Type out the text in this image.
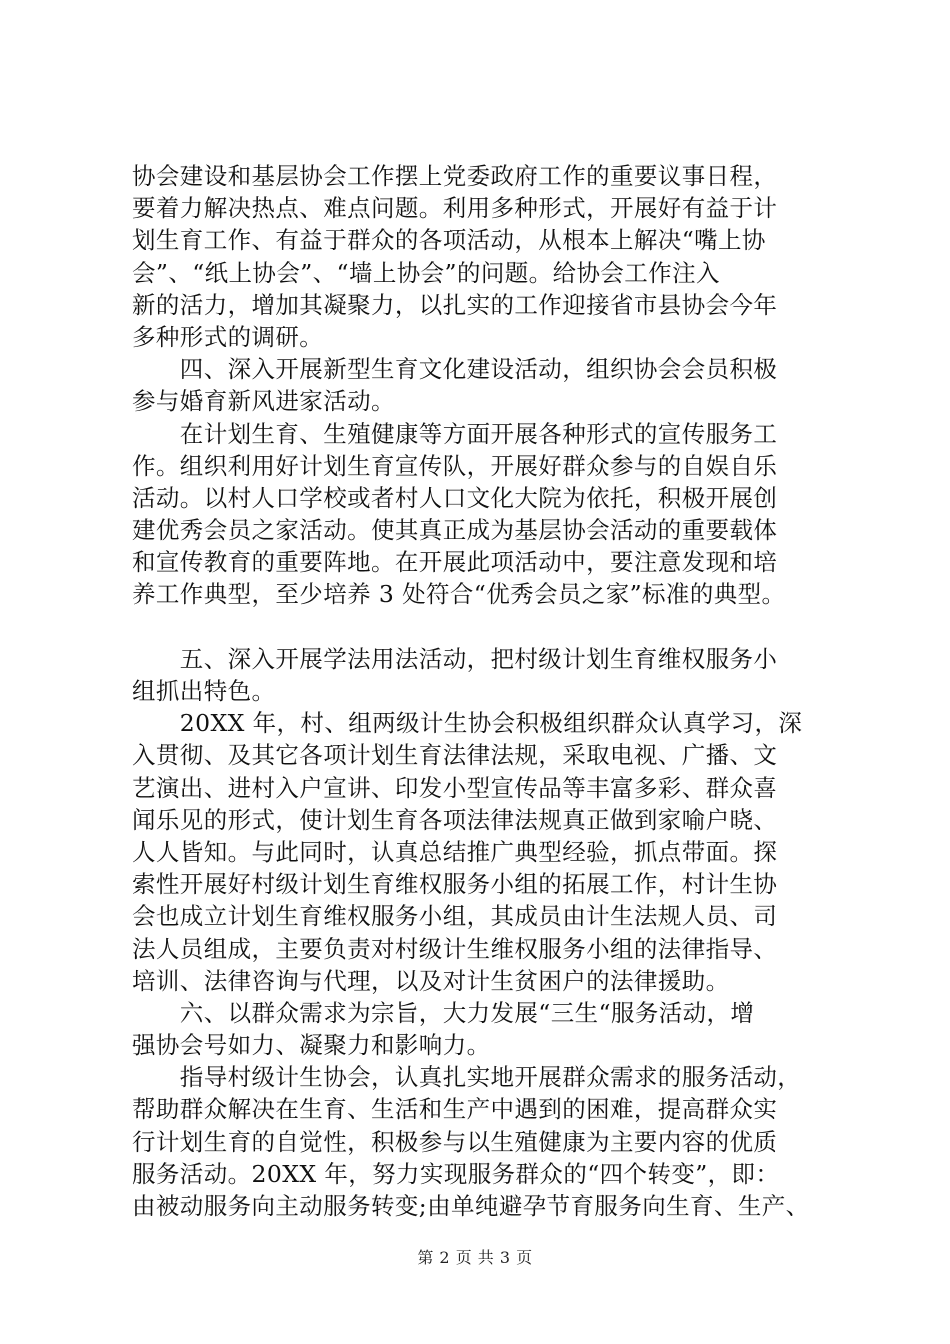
协会建设和基层协会工作摆上党委政府工作的重要议事日程，
要着力解决热点、难点问题。利用多种形式，开展好有益于计
划生育工作、有益于群众的各项活动，从根本上解决“嘴上协
会”、“纸上协会”、“墙上协会”的问题。给协会工作注入
新的活力，增加其凝聚力，以扎实的工作迎接省市县协会今年
多种形式的调研。
　　四、深入开展新型生育文化建设活动，组织协会会员积极
参与婚育新风进家活动。
　　在计划生育、生殖健康等方面开展各种形式的宣传服务工
作。组织利用好计划生育宣传队，开展好群众参与的自娱自乐
活动。以村人口学校或者村人口文化大院为依托，积极开展创
建优秀会员之家活动。使其真正成为基层协会活动的重要载体
和宣传教育的重要阵地。在开展此项活动中，要注意发现和培
养工作典型，至少培养 3 处符合“优秀会员之家”标准的典型。
　　五、深入开展学法用法活动，把村级计划生育维权服务小
组抓出特色。
　　20XX 年，村、组两级计生协会积极组织群众认真学习，深
入贯彻、及其它各项计划生育法律法规，采取电视、广播、文
艺演出、进村入户宣讲、印发小型宣传品等丰富多彩、群众喜
闻乐见的形式，使计划生育各项法律法规真正做到家喻户晓、
人人皆知。与此同时，认真总结推广典型经验，抓点带面。探
索性开展好村级计划生育维权服务小组的拓展工作，村计生协
会也成立计划生育维权服务小组，其成员由计生法规人员、司
法人员组成，主要负责对村级计生维权服务小组的法律指导、
培训、法律咨询与代理，以及对计生贫困户的法律援助。
　　六、以群众需求为宗旨，大力发展“三生“服务活动，增
强协会号如力、凝聚力和影响力。
　　指导村级计生协会，认真扎实地开展群众需求的服务活动，
帮助群众解决在生育、生活和生产中遇到的困难，提高群众实
行计划生育的自觉性，积极参与以生殖健康为主要内容的优质
服务活动。20XX 年，努力实现服务群众的“四个转变”，即：
由被动服务向主动服务转变;由单纯避孕节育服务向生育、生产、
第 2 页 共 3 页
